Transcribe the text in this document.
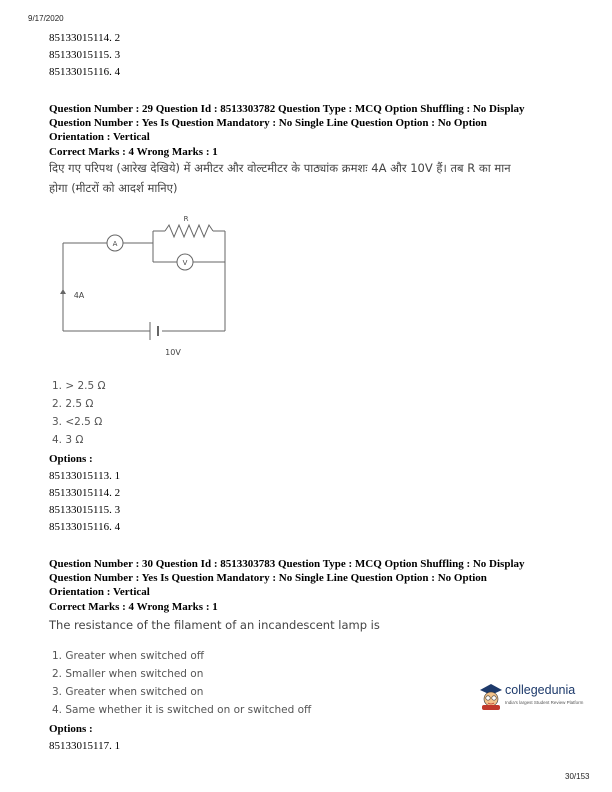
9/17/2020
85133015114. 2
85133015115. 3
85133015116. 4
Question Number : 29 Question Id : 8513303782 Question Type : MCQ Option Shuffling : No Display
Question Number : Yes Is Question Mandatory : No Single Line Question Option : No Option
Orientation : Vertical
Correct Marks : 4 Wrong Marks : 1
दिए गए परिपथ (आरेख देखिये) में अमीटर और वोल्टमीटर के पाठ्यांक क्रमशः 4A और 10V हैं। तब R का मान
होगा (मीटरों को आदर्श मानिए)
A
V
R
4A
10V
1. > 2.5 Ω
2. 2.5 Ω
3. <2.5 Ω
4. 3 Ω
Options :
85133015113. 1
85133015114. 2
85133015115. 3
85133015116. 4
Question Number : 30 Question Id : 8513303783 Question Type : MCQ Option Shuffling : No Display
Question Number : Yes Is Question Mandatory : No Single Line Question Option : No Option
Orientation : Vertical
Correct Marks : 4 Wrong Marks : 1
The resistance of the filament of an incandescent lamp is
1. Greater when switched off
2. Smaller when switched on
3. Greater when switched on
4. Same whether it is switched on or switched off
Options :
85133015117. 1
collegedunia
India's largest Student Review Platform
30/153
